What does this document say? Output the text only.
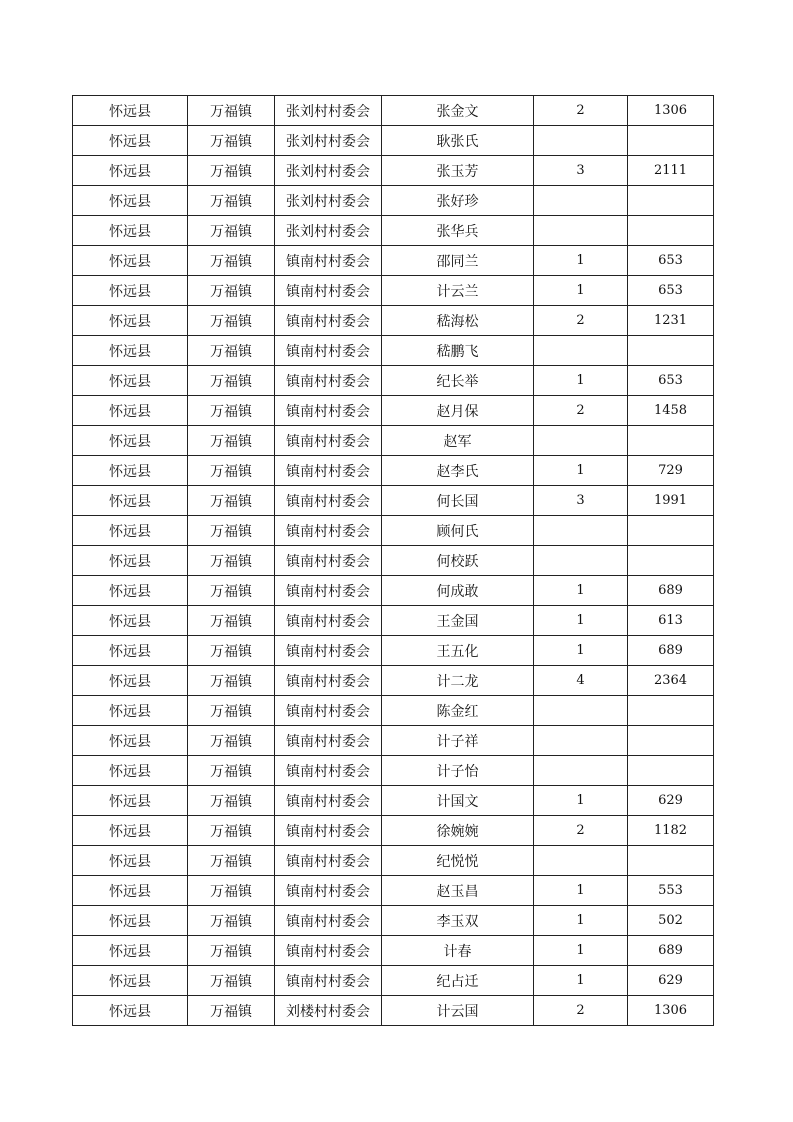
怀远县	万福镇	张刘村村委会	张金文	2	1306
怀远县	万福镇	张刘村村委会	耿张氏		
怀远县	万福镇	张刘村村委会	张玉芳	3	2111
怀远县	万福镇	张刘村村委会	张好珍		
怀远县	万福镇	张刘村村委会	张华兵		
怀远县	万福镇	镇南村村委会	邵同兰	1	653
怀远县	万福镇	镇南村村委会	计云兰	1	653
怀远县	万福镇	镇南村村委会	嵇海松	2	1231
怀远县	万福镇	镇南村村委会	嵇鹏飞		
怀远县	万福镇	镇南村村委会	纪长举	1	653
怀远县	万福镇	镇南村村委会	赵月保	2	1458
怀远县	万福镇	镇南村村委会	赵军		
怀远县	万福镇	镇南村村委会	赵李氏	1	729
怀远县	万福镇	镇南村村委会	何长国	3	1991
怀远县	万福镇	镇南村村委会	顾何氏		
怀远县	万福镇	镇南村村委会	何校跃		
怀远县	万福镇	镇南村村委会	何成敢	1	689
怀远县	万福镇	镇南村村委会	王金国	1	613
怀远县	万福镇	镇南村村委会	王五化	1	689
怀远县	万福镇	镇南村村委会	计二龙	4	2364
怀远县	万福镇	镇南村村委会	陈金红		
怀远县	万福镇	镇南村村委会	计子祥		
怀远县	万福镇	镇南村村委会	计子怡		
怀远县	万福镇	镇南村村委会	计国文	1	629
怀远县	万福镇	镇南村村委会	徐婉婉	2	1182
怀远县	万福镇	镇南村村委会	纪悦悦		
怀远县	万福镇	镇南村村委会	赵玉昌	1	553
怀远县	万福镇	镇南村村委会	李玉双	1	502
怀远县	万福镇	镇南村村委会	计春	1	689
怀远县	万福镇	镇南村村委会	纪占迁	1	629
怀远县	万福镇	刘楼村村委会	计云国	2	1306
